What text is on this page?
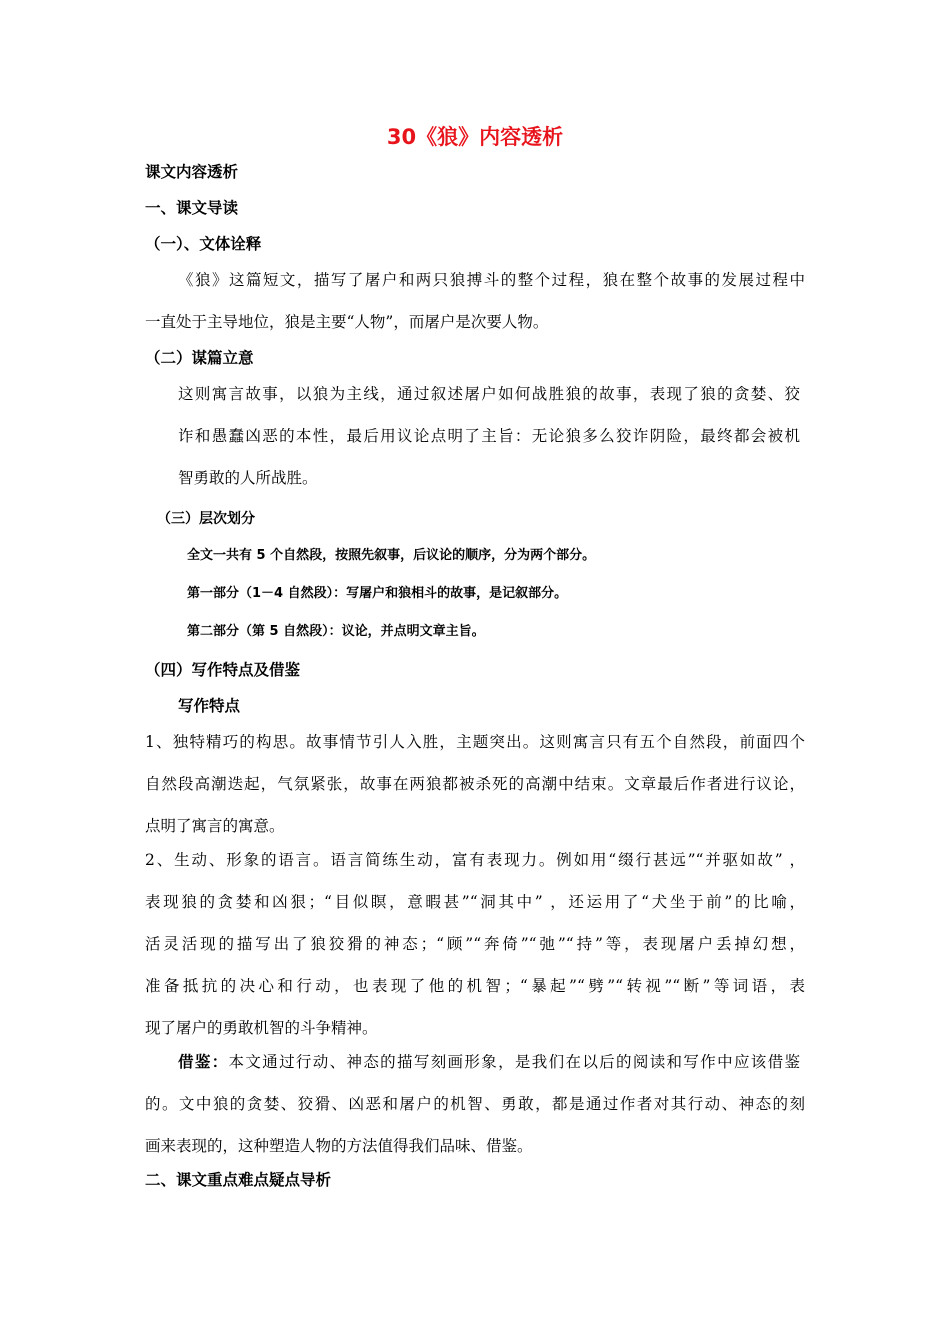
30《狼》内容透析
课文内容透析
一、课文导读
（一）、文体诠释
《狼》这篇短文，描写了屠户和两只狼搏斗的整个过程，狼在整个故事的发展过程中
一直处于主导地位，狼是主要“人物”，而屠户是次要人物。
（二）谋篇立意
这则寓言故事，以狼为主线，通过叙述屠户如何战胜狼的故事，表现了狼的贪婪、狡
诈和愚蠢凶恶的本性，最后用议论点明了主旨：无论狼多么狡诈阴险，最终都会被机
智勇敢的人所战胜。
（三）层次划分
全文一共有 5 个自然段，按照先叙事，后议论的顺序，分为两个部分。
第一部分（1－4 自然段）：写屠户和狼相斗的故事，是记叙部分。
第二部分（第 5 自然段）：议论，并点明文章主旨。
（四）写作特点及借鉴
写作特点
1、独特精巧的构思。故事情节引人入胜，主题突出。这则寓言只有五个自然段，前面四个
自然段高潮迭起，气氛紧张，故事在两狼都被杀死的高潮中结束。文章最后作者进行议论，
点明了寓言的寓意。
2、生动、形象的语言。语言简练生动，富有表现力。例如用“缀行甚远”“并驱如故” ，
表现狼的贪婪和凶狠；“目似瞑，意暇甚”“洞其中” ，还运用了“犬坐于前”的比喻，
活灵活现的描写出了狼狡猾的神态；“顾”“奔倚”“弛”“持”等，表现屠户丢掉幻想，
准备抵抗的决心和行动，也表现了他的机智；“暴起”“劈”“转视”“断”等词语，表
现了屠户的勇敢机智的斗争精神。
借鉴：本文通过行动、神态的描写刻画形象，是我们在以后的阅读和写作中应该借鉴
的。文中狼的贪婪、狡猾、凶恶和屠户的机智、勇敢，都是通过作者对其行动、神态的刻
画来表现的，这种塑造人物的方法值得我们品味、借鉴。
二、课文重点难点疑点导析
